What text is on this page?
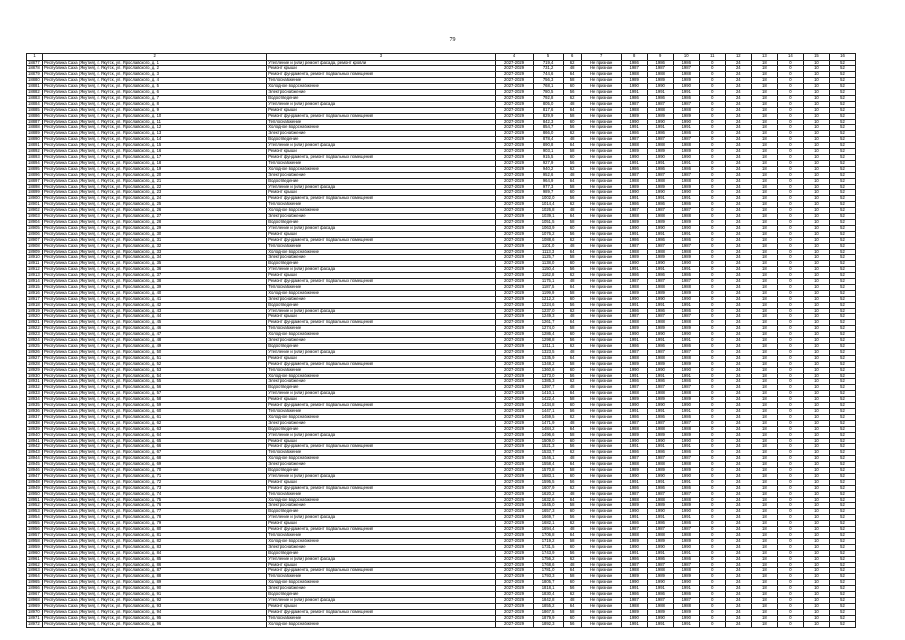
79
1	2	3	4	5	6	7	8	9	10	11	12	13	14	15	16
18877	Республика Саха (Якутия), г. Якутск, ул. Ярославского, д. 1	Утепление и (или) ремонт фасада, ремонт кровли	2027-2029	719,4	62	Не признан	1986	1986	1986	0	24	18	0	10	52
18878	Республика Саха (Якутия), г. Якутск, ул. Ярославского, д. 2	Ремонт крыши	2027-2029	731,2	48	Не признан	1987	1987	1987	0	24	18	0	10	52
18879	Республика Саха (Якутия), г. Якутск, ул. Ярославского, д. 3	Ремонт фундамента, ремонт подвальных помещений	2027-2029	744,6	64	Не признан	1988	1988	1988	0	24	18	0	10	52
18880	Республика Саха (Якутия), г. Якутск, ул. Ярославского, д. 4	Теплоснабжение	2027-2029	756,3	58	Не признан	1989	1989	1989	0	24	18	0	10	52
18881	Республика Саха (Якутия), г. Якутск, ул. Ярославского, д. 5	Холодное водоснабжение	2027-2029	768,1	60	Не признан	1990	1990	1990	0	24	18	0	10	52
18882	Республика Саха (Якутия), г. Якутск, ул. Ярославского, д. 6	Электроснабжение	2027-2029	780,5	56	Не признан	1991	1991	1991	0	24	18	0	10	52
18883	Республика Саха (Якутия), г. Якутск, ул. Ярославского, д. 7	Водоотведение	2027-2029	792,8	62	Не признан	1986	1986	1986	0	24	18	0	10	52
18884	Республика Саха (Якутия), г. Якутск, ул. Ярославского, д. 8	Утепление и (или) ремонт фасада	2027-2029	805,0	48	Не признан	1987	1987	1987	0	24	18	0	10	52
18885	Республика Саха (Якутия), г. Якутск, ул. Ярославского, д. 9	Ремонт крыши	2027-2029	817,6	64	Не признан	1988	1988	1988	0	24	18	0	10	52
18886	Республика Саха (Якутия), г. Якутск, ул. Ярославского, д. 10	Ремонт фундамента, ремонт подвальных помещений	2027-2029	829,9	58	Не признан	1989	1989	1989	0	24	18	0	10	52
18887	Республика Саха (Якутия), г. Якутск, ул. Ярославского, д. 11	Теплоснабжение	2027-2029	842,3	60	Не признан	1990	1990	1990	0	24	18	0	10	52
18888	Республика Саха (Якутия), г. Якутск, ул. Ярославского, д. 12	Холодное водоснабжение	2027-2029	854,7	56	Не признан	1991	1991	1991	0	24	18	0	10	52
18889	Республика Саха (Якутия), г. Якутск, ул. Ярославского, д. 13	Электроснабжение	2027-2029	866,0	62	Не признан	1986	1986	1986	0	24	18	0	10	52
18890	Республика Саха (Якутия), г. Якутск, ул. Ярославского, д. 14	Водоотведение	2027-2029	878,4	48	Не признан	1987	1987	1987	0	24	18	0	10	52
18891	Республика Саха (Якутия), г. Якутск, ул. Ярославского, д. 15	Утепление и (или) ремонт фасада	2027-2029	890,8	64	Не признан	1988	1988	1988	0	24	18	0	10	52
18892	Республика Саха (Якутия), г. Якутск, ул. Ярославского, д. 16	Ремонт крыши	2027-2029	903,1	58	Не признан	1989	1989	1989	0	24	18	0	10	52
18893	Республика Саха (Якутия), г. Якутск, ул. Ярославского, д. 17	Ремонт фундамента, ремонт подвальных помещений	2027-2029	915,5	60	Не признан	1990	1990	1990	0	24	18	0	10	52
18894	Республика Саха (Якутия), г. Якутск, ул. Ярославского, д. 18	Теплоснабжение	2027-2029	927,9	56	Не признан	1991	1991	1991	0	24	18	0	10	52
18895	Республика Саха (Якутия), г. Якутск, ул. Ярославского, д. 19	Холодное водоснабжение	2027-2029	940,2	62	Не признан	1986	1986	1986	0	24	18	0	10	52
18896	Республика Саха (Якутия), г. Якутск, ул. Ярославского, д. 20	Электроснабжение	2027-2029	952,6	48	Не признан	1987	1987	1987	0	24	18	0	10	52
18897	Республика Саха (Якутия), г. Якутск, ул. Ярославского, д. 21	Водоотведение	2027-2029	964,9	64	Не признан	1988	1988	1988	0	24	18	0	10	52
18898	Республика Саха (Якутия), г. Якутск, ул. Ярославского, д. 22	Утепление и (или) ремонт фасада	2027-2029	977,3	58	Не признан	1989	1989	1989	0	24	18	0	10	52
18899	Республика Саха (Якутия), г. Якутск, ул. Ярославского, д. 23	Ремонт крыши	2027-2029	989,7	60	Не признан	1990	1990	1990	0	24	18	0	10	52
18900	Республика Саха (Якутия), г. Якутск, ул. Ярославского, д. 24	Ремонт фундамента, ремонт подвальных помещений	2027-2029	1002,0	56	Не признан	1991	1991	1991	0	24	18	0	10	52
18901	Республика Саха (Якутия), г. Якутск, ул. Ярославского, д. 25	Теплоснабжение	2027-2029	1014,4	62	Не признан	1986	1986	1986	0	24	18	0	10	52
18902	Республика Саха (Якутия), г. Якутск, ул. Ярославского, д. 26	Холодное водоснабжение	2027-2029	1026,8	48	Не признан	1987	1987	1987	0	24	18	0	10	52
18903	Республика Саха (Якутия), г. Якутск, ул. Ярославского, д. 27	Электроснабжение	2027-2029	1039,1	64	Не признан	1988	1988	1988	0	24	18	0	10	52
18904	Республика Саха (Якутия), г. Якутск, ул. Ярославского, д. 28	Водоотведение	2027-2029	1051,5	58	Не признан	1989	1989	1989	0	24	18	0	10	52
18905	Республика Саха (Якутия), г. Якутск, ул. Ярославского, д. 29	Утепление и (или) ремонт фасада	2027-2029	1063,9	60	Не признан	1990	1990	1990	0	24	18	0	10	52
18906	Республика Саха (Якутия), г. Якутск, ул. Ярославского, д. 30	Ремонт крыши	2027-2029	1076,2	56	Не признан	1991	1991	1991	0	24	18	0	10	52
18907	Республика Саха (Якутия), г. Якутск, ул. Ярославского, д. 31	Ремонт фундамента, ремонт подвальных помещений	2027-2029	1088,6	62	Не признан	1986	1986	1986	0	24	18	0	10	52
18908	Республика Саха (Якутия), г. Якутск, ул. Ярославского, д. 32	Теплоснабжение	2027-2029	1101,0	48	Не признан	1987	1987	1987	0	24	18	0	10	52
18909	Республика Саха (Якутия), г. Якутск, ул. Ярославского, д. 33	Холодное водоснабжение	2027-2029	1113,3	64	Не признан	1988	1988	1988	0	24	18	0	10	52
18910	Республика Саха (Якутия), г. Якутск, ул. Ярославского, д. 34	Электроснабжение	2027-2029	1125,7	58	Не признан	1989	1989	1989	0	24	18	0	10	52
18911	Республика Саха (Якутия), г. Якутск, ул. Ярославского, д. 35	Водоотведение	2027-2029	1138,0	60	Не признан	1990	1990	1990	0	24	18	0	10	52
18912	Республика Саха (Якутия), г. Якутск, ул. Ярославского, д. 36	Утепление и (или) ремонт фасада	2027-2029	1150,4	56	Не признан	1991	1991	1991	0	24	18	0	10	52
18913	Республика Саха (Якутия), г. Якутск, ул. Ярославского, д. 37	Ремонт крыши	2027-2029	1162,8	62	Не признан	1986	1986	1986	0	24	18	0	10	52
18914	Республика Саха (Якутия), г. Якутск, ул. Ярославского, д. 38	Ремонт фундамента, ремонт подвальных помещений	2027-2029	1175,1	48	Не признан	1987	1987	1987	0	24	18	0	10	52
18915	Республика Саха (Якутия), г. Якутск, ул. Ярославского, д. 39	Теплоснабжение	2027-2029	1187,5	64	Не признан	1988	1988	1988	0	24	18	0	10	52
18916	Республика Саха (Якутия), г. Якутск, ул. Ярославского, д. 40	Холодное водоснабжение	2027-2029	1199,9	58	Не признан	1989	1989	1989	0	24	18	0	10	52
18917	Республика Саха (Якутия), г. Якутск, ул. Ярославского, д. 41	Электроснабжение	2027-2029	1212,2	60	Не признан	1990	1990	1990	0	24	18	0	10	52
18918	Республика Саха (Якутия), г. Якутск, ул. Ярославского, д. 42	Водоотведение	2027-2029	1224,6	56	Не признан	1991	1991	1991	0	24	18	0	10	52
18919	Республика Саха (Якутия), г. Якутск, ул. Ярославского, д. 43	Утепление и (или) ремонт фасада	2027-2029	1237,0	62	Не признан	1986	1986	1986	0	24	18	0	10	52
18920	Республика Саха (Якутия), г. Якутск, ул. Ярославского, д. 44	Ремонт крыши	2027-2029	1249,3	48	Не признан	1987	1987	1987	0	24	18	0	10	52
18921	Республика Саха (Якутия), г. Якутск, ул. Ярославского, д. 45	Ремонт фундамента, ремонт подвальных помещений	2027-2029	1261,7	64	Не признан	1988	1988	1988	0	24	18	0	10	52
18922	Республика Саха (Якутия), г. Якутск, ул. Ярославского, д. 46	Теплоснабжение	2027-2029	1274,0	58	Не признан	1989	1989	1989	0	24	18	0	10	52
18923	Республика Саха (Якутия), г. Якутск, ул. Ярославского, д. 47	Холодное водоснабжение	2027-2029	1286,4	60	Не признан	1990	1990	1990	0	24	18	0	10	52
18924	Республика Саха (Якутия), г. Якутск, ул. Ярославского, д. 48	Электроснабжение	2027-2029	1298,8	56	Не признан	1991	1991	1991	0	24	18	0	10	52
18925	Республика Саха (Якутия), г. Якутск, ул. Ярославского, д. 49	Водоотведение	2027-2029	1311,1	62	Не признан	1986	1986	1986	0	24	18	0	10	52
18926	Республика Саха (Якутия), г. Якутск, ул. Ярославского, д. 50	Утепление и (или) ремонт фасада	2027-2029	1323,5	48	Не признан	1987	1987	1987	0	24	18	0	10	52
18927	Республика Саха (Якутия), г. Якутск, ул. Ярославского, д. 51	Ремонт крыши	2027-2029	1335,9	64	Не признан	1988	1988	1988	0	24	18	0	10	52
18928	Республика Саха (Якутия), г. Якутск, ул. Ярославского, д. 52	Ремонт фундамента, ремонт подвальных помещений	2027-2029	1348,2	58	Не признан	1989	1989	1989	0	24	18	0	10	52
18929	Республика Саха (Якутия), г. Якутск, ул. Ярославского, д. 53	Теплоснабжение	2027-2029	1360,6	60	Не признан	1990	1990	1990	0	24	18	0	10	52
18930	Республика Саха (Якутия), г. Якутск, ул. Ярославского, д. 54	Холодное водоснабжение	2027-2029	1373,0	56	Не признан	1991	1991	1991	0	24	18	0	10	52
18931	Республика Саха (Якутия), г. Якутск, ул. Ярославского, д. 55	Электроснабжение	2027-2029	1385,3	62	Не признан	1986	1986	1986	0	24	18	0	10	52
18932	Республика Саха (Якутия), г. Якутск, ул. Ярославского, д. 56	Водоотведение	2027-2029	1397,7	48	Не признан	1987	1987	1987	0	24	18	0	10	52
18933	Республика Саха (Якутия), г. Якутск, ул. Ярославского, д. 57	Утепление и (или) ремонт фасада	2027-2029	1410,1	64	Не признан	1988	1988	1988	0	24	18	0	10	52
18934	Республика Саха (Якутия), г. Якутск, ул. Ярославского, д. 58	Ремонт крыши	2027-2029	1422,4	58	Не признан	1989	1989	1989	0	24	18	0	10	52
18935	Республика Саха (Якутия), г. Якутск, ул. Ярославского, д. 59	Ремонт фундамента, ремонт подвальных помещений	2027-2029	1434,8	60	Не признан	1990	1990	1990	0	24	18	0	10	52
18936	Республика Саха (Якутия), г. Якутск, ул. Ярославского, д. 60	Теплоснабжение	2027-2029	1447,1	56	Не признан	1991	1991	1991	0	24	18	0	10	52
18937	Республика Саха (Якутия), г. Якутск, ул. Ярославского, д. 61	Холодное водоснабжение	2027-2029	1459,5	62	Не признан	1986	1986	1986	0	24	18	0	10	52
18938	Республика Саха (Якутия), г. Якутск, ул. Ярославского, д. 62	Электроснабжение	2027-2029	1471,9	48	Не признан	1987	1987	1987	0	24	18	0	10	52
18939	Республика Саха (Якутия), г. Якутск, ул. Ярославского, д. 63	Водоотведение	2027-2029	1484,2	64	Не признан	1988	1988	1988	0	24	18	0	10	52
18940	Республика Саха (Якутия), г. Якутск, ул. Ярославского, д. 64	Утепление и (или) ремонт фасада	2027-2029	1496,6	58	Не признан	1989	1989	1989	0	24	18	0	10	52
18941	Республика Саха (Якутия), г. Якутск, ул. Ярославского, д. 65	Ремонт крыши	2027-2029	1509,0	60	Не признан	1990	1990	1990	0	24	18	0	10	52
18942	Республика Саха (Якутия), г. Якутск, ул. Ярославского, д. 66	Ремонт фундамента, ремонт подвальных помещений	2027-2029	1521,3	56	Не признан	1991	1991	1991	0	24	18	0	10	52
18943	Республика Саха (Якутия), г. Якутск, ул. Ярославского, д. 67	Теплоснабжение	2027-2029	1533,7	62	Не признан	1986	1986	1986	0	24	18	0	10	52
18944	Республика Саха (Якутия), г. Якутск, ул. Ярославского, д. 68	Холодное водоснабжение	2027-2029	1546,1	48	Не признан	1987	1987	1987	0	24	18	0	10	52
18945	Республика Саха (Якутия), г. Якутск, ул. Ярославского, д. 69	Электроснабжение	2027-2029	1558,4	64	Не признан	1988	1988	1988	0	24	18	0	10	52
18946	Республика Саха (Якутия), г. Якутск, ул. Ярославского, д. 70	Водоотведение	2027-2029	1570,8	58	Не признан	1989	1989	1989	0	24	18	0	10	52
18947	Республика Саха (Якутия), г. Якутск, ул. Ярославского, д. 71	Утепление и (или) ремонт фасада	2027-2029	1583,1	60	Не признан	1990	1990	1990	0	24	18	0	10	52
18948	Республика Саха (Якутия), г. Якутск, ул. Ярославского, д. 72	Ремонт крыши	2027-2029	1595,5	56	Не признан	1991	1991	1991	0	24	18	0	10	52
18949	Республика Саха (Якутия), г. Якутск, ул. Ярославского, д. 73	Ремонт фундамента, ремонт подвальных помещений	2027-2029	1607,9	62	Не признан	1986	1986	1986	0	24	18	0	10	52
18950	Республика Саха (Якутия), г. Якутск, ул. Ярославского, д. 74	Теплоснабжение	2027-2029	1620,2	48	Не признан	1987	1987	1987	0	24	18	0	10	52
18951	Республика Саха (Якутия), г. Якутск, ул. Ярославского, д. 75	Холодное водоснабжение	2027-2029	1632,6	64	Не признан	1988	1988	1988	0	24	18	0	10	52
18952	Республика Саха (Якутия), г. Якутск, ул. Ярославского, д. 76	Электроснабжение	2027-2029	1645,0	58	Не признан	1989	1989	1989	0	24	18	0	10	52
18953	Республика Саха (Якутия), г. Якутск, ул. Ярославского, д. 77	Водоотведение	2027-2029	1657,3	60	Не признан	1990	1990	1990	0	24	18	0	10	52
18954	Республика Саха (Якутия), г. Якутск, ул. Ярославского, д. 78	Утепление и (или) ремонт фасада	2027-2029	1669,7	56	Не признан	1991	1991	1991	0	24	18	0	10	52
18955	Республика Саха (Якутия), г. Якутск, ул. Ярославского, д. 79	Ремонт крыши	2027-2029	1682,1	62	Не признан	1986	1986	1986	0	24	18	0	10	52
18956	Республика Саха (Якутия), г. Якутск, ул. Ярославского, д. 80	Ремонт фундамента, ремонт подвальных помещений	2027-2029	1694,4	48	Не признан	1987	1987	1987	0	24	18	0	10	52
18957	Республика Саха (Якутия), г. Якутск, ул. Ярославского, д. 81	Теплоснабжение	2027-2029	1706,8	64	Не признан	1988	1988	1988	0	24	18	0	10	52
18958	Республика Саха (Якутия), г. Якутск, ул. Ярославского, д. 82	Холодное водоснабжение	2027-2029	1719,2	58	Не признан	1989	1989	1989	0	24	18	0	10	52
18959	Республика Саха (Якутия), г. Якутск, ул. Ярославского, д. 83	Электроснабжение	2027-2029	1731,5	60	Не признан	1990	1990	1990	0	24	18	0	10	52
18960	Республика Саха (Якутия), г. Якутск, ул. Ярославского, д. 84	Водоотведение	2027-2029	1743,9	56	Не признан	1991	1991	1991	0	24	18	0	10	52
18961	Республика Саха (Якутия), г. Якутск, ул. Ярославского, д. 85	Утепление и (или) ремонт фасада	2027-2029	1756,2	62	Не признан	1986	1986	1986	0	24	18	0	10	52
18962	Республика Саха (Якутия), г. Якутск, ул. Ярославского, д. 86	Ремонт крыши	2027-2029	1768,6	48	Не признан	1987	1987	1987	0	24	18	0	10	52
18963	Республика Саха (Якутия), г. Якутск, ул. Ярославского, д. 87	Ремонт фундамента, ремонт подвальных помещений	2027-2029	1781,0	64	Не признан	1988	1988	1988	0	24	18	0	10	52
18964	Республика Саха (Якутия), г. Якутск, ул. Ярославского, д. 88	Теплоснабжение	2027-2029	1793,3	58	Не признан	1989	1989	1989	0	24	18	0	10	52
18965	Республика Саха (Якутия), г. Якутск, ул. Ярославского, д. 89	Холодное водоснабжение	2027-2029	1805,7	60	Не признан	1990	1990	1990	0	24	18	0	10	52
18966	Республика Саха (Якутия), г. Якутск, ул. Ярославского, д. 90	Электроснабжение	2027-2029	1818,1	56	Не признан	1991	1991	1991	0	24	18	0	10	52
18967	Республика Саха (Якутия), г. Якутск, ул. Ярославского, д. 91	Водоотведение	2027-2029	1830,4	62	Не признан	1986	1986	1986	0	24	18	0	10	52
18968	Республика Саха (Якутия), г. Якутск, ул. Ярославского, д. 92	Утепление и (или) ремонт фасада	2027-2029	1842,8	48	Не признан	1987	1987	1987	0	24	18	0	10	52
18969	Республика Саха (Якутия), г. Якутск, ул. Ярославского, д. 93	Ремонт крыши	2027-2029	1855,2	64	Не признан	1988	1988	1988	0	24	18	0	10	52
18970	Республика Саха (Якутия), г. Якутск, ул. Ярославского, д. 94	Ремонт фундамента, ремонт подвальных помещений	2027-2029	1867,5	58	Не признан	1989	1989	1989	0	24	18	0	10	52
18971	Республика Саха (Якутия), г. Якутск, ул. Ярославского, д. 95	Теплоснабжение	2027-2029	1879,9	60	Не признан	1990	1990	1990	0	24	18	0	10	52
18972	Республика Саха (Якутия), г. Якутск, ул. Ярославского, д. 96	Холодное водоснабжение	2027-2029	1892,3	56	Не признан	1991	1991	1991	0	24	18	0	10	52
